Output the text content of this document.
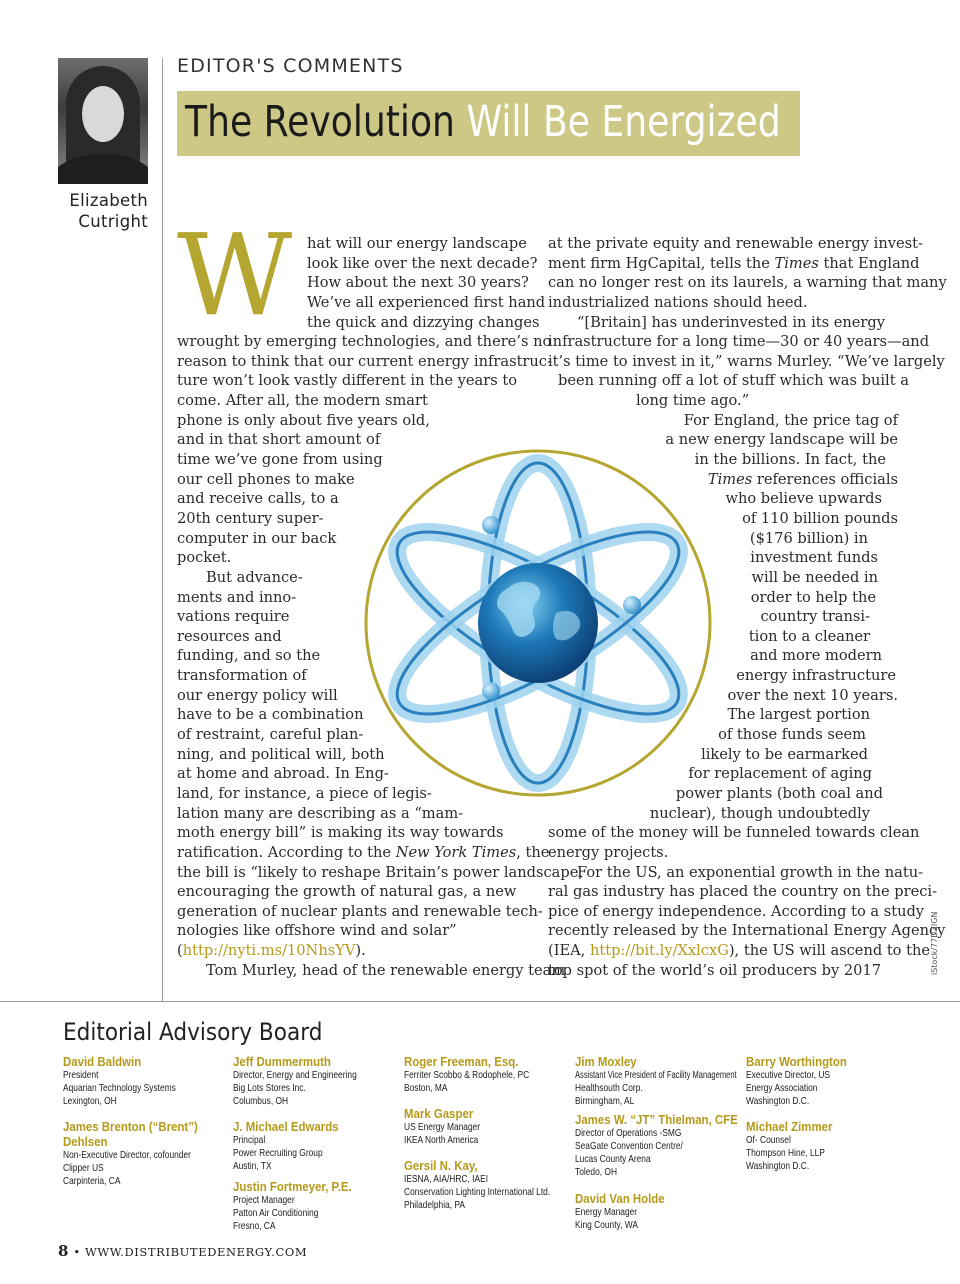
Elizabeth
Cutright
EDITOR'S COMMENTS
The Revolution Will Be Energized
W	hat will our energy landscape
look like over the next decade?
How about the next 30 years?
We’ve all experienced first hand
the quick and dizzying changes
wrought by emerging technologies, and there’s no
reason to think that our current energy infrastruc-
ture won’t look vastly different in the years to
come. After all, the modern smart
phone is only about five years old,
and in that short amount of
time we’ve gone from using
our cell phones to make
and receive calls, to a
20th century super-
computer in our back
pocket.
But advance-
ments and inno-
vations require
resources and
funding, and so the
transformation of
our energy policy will
have to be a combination
of restraint, careful plan-
ning, and political will, both
at home and abroad. In Eng-
land, for instance, a piece of legis-
lation many are describing as a “mam-
moth energy bill” is making its way towards
ratification. According to the New York Times, the
the bill is “likely to reshape Britain’s power landscape,
encouraging the growth of natural gas, a new
generation of nuclear plants and renewable tech-
nologies like offshore wind and solar”
(http://nyti.ms/10NhsYV).
Tom Murley, head of the renewable energy team
at the private equity and renewable energy invest-
ment firm HgCapital, tells the Times that England
can no longer rest on its laurels, a warning that many
industrialized nations should heed.
“[Britain] has underinvested in its energy
infrastructure for a long time—30 or 40 years—and
it’s time to invest in it,” warns Murley. “We’ve largely
been running off a lot of stuff which was built a
long time ago.”
For England, the price tag of
a new energy landscape will be
in the billions. In fact, the
Times references officials
who believe upwards
of 110 billion pounds
($176 billion) in
investment funds
will be needed in
order to help the
country transi-
tion to a cleaner
and more modern
energy infrastructure
over the next 10 years.
The largest portion
of those funds seem
likely to be earmarked
for replacement of aging
power plants (both coal and
nuclear), though undoubtedly
some of the money will be funneled towards clean
energy projects.
For the US, an exponential growth in the natu-
ral gas industry has placed the country on the preci-
pice of energy independence. According to a study
recently released by the International Energy Agency
(IEA, http://bit.ly/XxlcxG), the US will ascend to the
top spot of the world’s oil producers by 2017	iStock/77DZIGN
Editorial Advisory Board
David Baldwin
President
Aquarian Technology Systems
Lexington, OH
James Brenton (“Brent”) Dehlsen
Non-Executive Director, cofounder
Clipper US
Carpinteria, CA
Jeff Dummermuth
Director, Energy and Engineering
Big Lots Stores Inc.
Columbus, OH
J. Michael Edwards
Principal
Power Recruiting Group
Austin, TX
Justin Fortmeyer, P.E.
Project Manager
Patton Air Conditioning
Fresno, CA
Roger Freeman, Esq.
Ferriter Scobbo & Rodophele, PC
Boston, MA
Mark Gasper
US Energy Manager
IKEA North America
Gersil N. Kay,
IESNA, AIA/HRC, IAEI
Conservation Lighting International Ltd.
Philadelphia, PA
Jim Moxley
Assistant Vice President of Facility Management
Healthsouth Corp.
Birmingham, AL
James W. “JT” Thielman, CFE
Director of Operations -SMG
SeaGate Convention Centre/
Lucas County Arena
Toledo, OH
David Van Holde
Energy Manager
King County, WA
Barry Worthington
Executive Director, US
Energy Association
Washington D.C.
Michael Zimmer
Of- Counsel
Thompson Hine, LLP
Washington D.C.
8 • WWW.DISTRIBUTEDENERGY.COM
